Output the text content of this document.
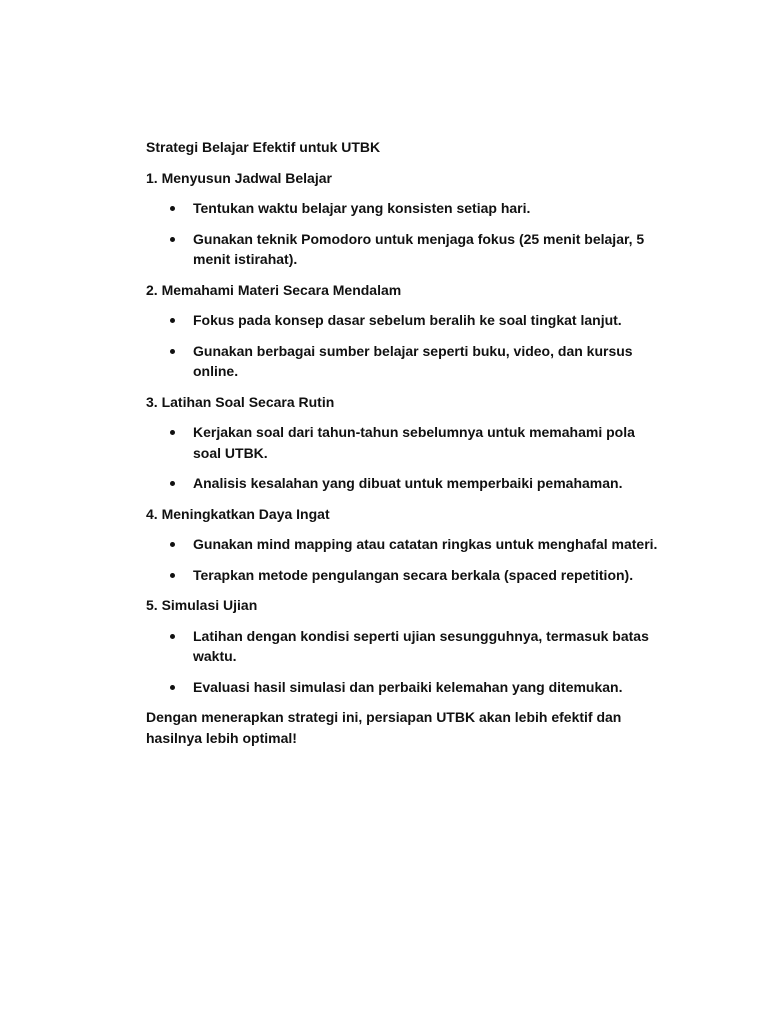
Strategi Belajar Efektif untuk UTBK

1. Menyusun Jadwal Belajar

Tentukan waktu belajar yang konsisten setiap hari.
Gunakan teknik Pomodoro untuk menjaga fokus (25 menit belajar, 5 menit istirahat).

2. Memahami Materi Secara Mendalam

Fokus pada konsep dasar sebelum beralih ke soal tingkat lanjut.
Gunakan berbagai sumber belajar seperti buku, video, dan kursus online.

3. Latihan Soal Secara Rutin

Kerjakan soal dari tahun-tahun sebelumnya untuk memahami pola soal UTBK.
Analisis kesalahan yang dibuat untuk memperbaiki pemahaman.

4. Meningkatkan Daya Ingat

Gunakan mind mapping atau catatan ringkas untuk menghafal materi.
Terapkan metode pengulangan secara berkala (spaced repetition).

5. Simulasi Ujian

Latihan dengan kondisi seperti ujian sesungguhnya, termasuk batas waktu.
Evaluasi hasil simulasi dan perbaiki kelemahan yang ditemukan.

Dengan menerapkan strategi ini, persiapan UTBK akan lebih efektif dan hasilnya lebih optimal!
